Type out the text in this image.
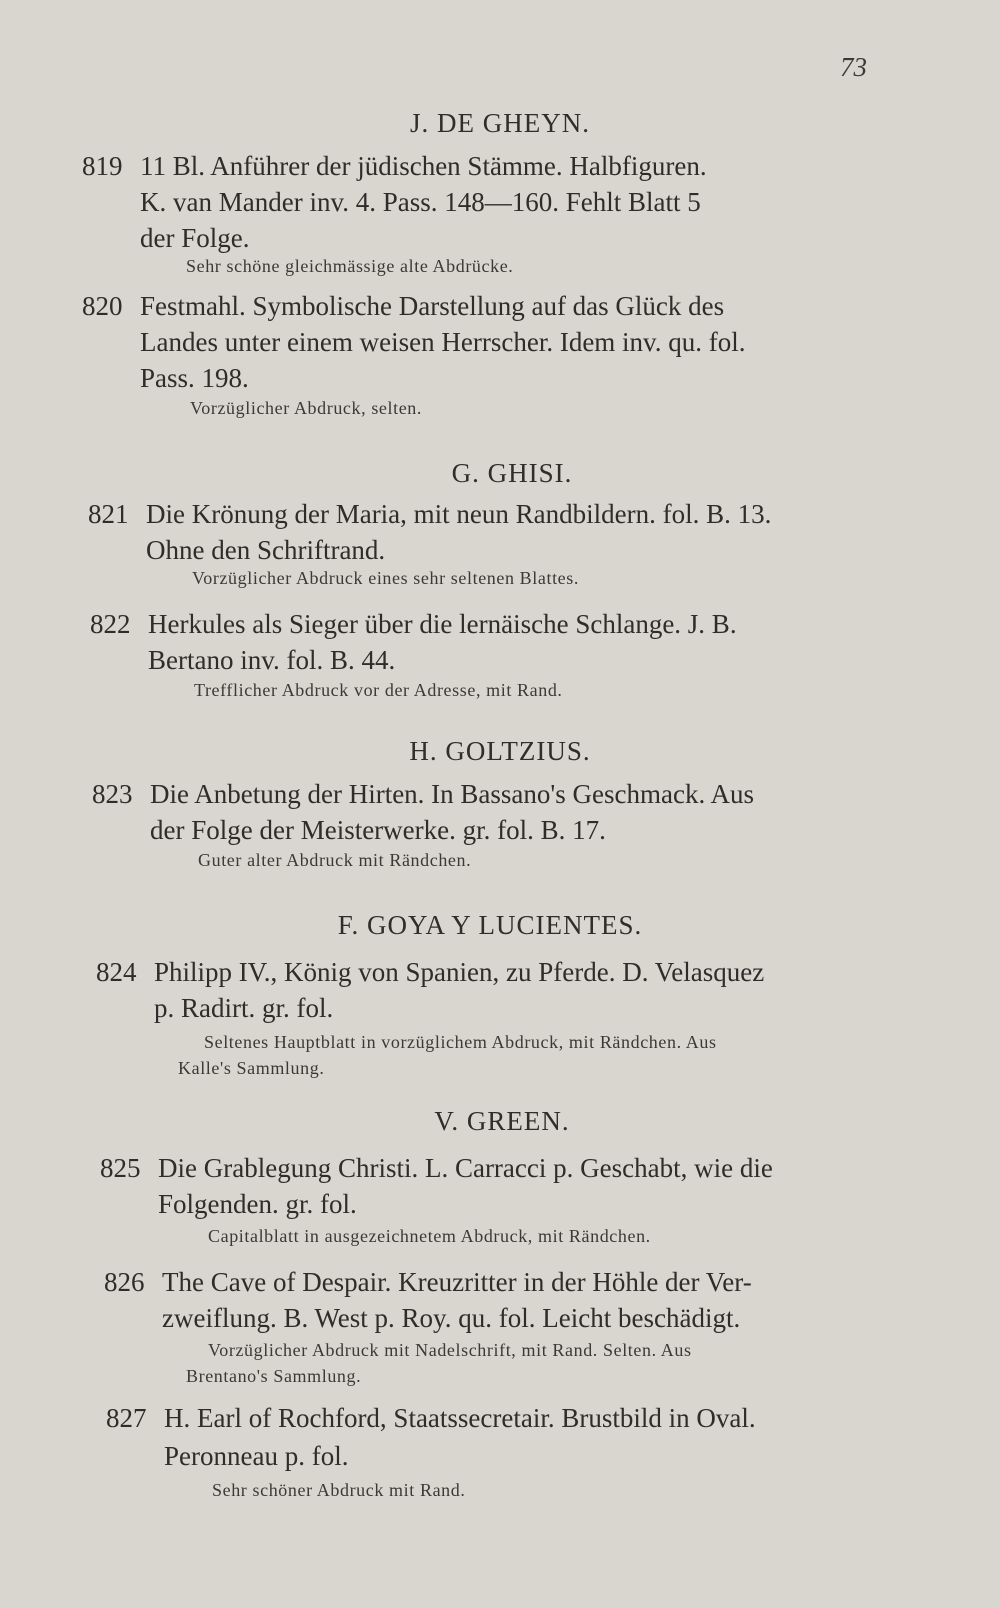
73
J. DE GHEYN.
819 11 Bl. Anführer der jüdischen Stämme. Halbfiguren.
K. van Mander inv. 4. Pass. 148—160. Fehlt Blatt 5
der Folge.
Sehr schöne gleichmässige alte Abdrücke.
820 Festmahl. Symbolische Darstellung auf das Glück des
Landes unter einem weisen Herrscher. Idem inv. qu. fol.
Pass. 198.
Vorzüglicher Abdruck, selten.
G. GHISI.
821 Die Krönung der Maria, mit neun Randbildern. fol. B. 13.
Ohne den Schriftrand.
Vorzüglicher Abdruck eines sehr seltenen Blattes.
822 Herkules als Sieger über die lernäische Schlange. J. B.
Bertano inv. fol. B. 44.
Trefflicher Abdruck vor der Adresse, mit Rand.
H. GOLTZIUS.
823 Die Anbetung der Hirten. In Bassano's Geschmack. Aus
der Folge der Meisterwerke. gr. fol. B. 17.
Guter alter Abdruck mit Rändchen.
F. GOYA Y LUCIENTES.
824 Philipp IV., König von Spanien, zu Pferde. D. Velasquez
p. Radirt. gr. fol.
Seltenes Hauptblatt in vorzüglichem Abdruck, mit Rändchen. Aus
Kalle's Sammlung.
V. GREEN.
825 Die Grablegung Christi. L. Carracci p. Geschabt, wie die
Folgenden. gr. fol.
Capitalblatt in ausgezeichnetem Abdruck, mit Rändchen.
826 The Cave of Despair. Kreuzritter in der Höhle der Ver-
zweiflung. B. West p. Roy. qu. fol. Leicht beschädigt.
Vorzüglicher Abdruck mit Nadelschrift, mit Rand. Selten. Aus
Brentano's Sammlung.
827 H. Earl of Rochford, Staatssecretair. Brustbild in Oval.
Peronneau p. fol.
Sehr schöner Abdruck mit Rand.
